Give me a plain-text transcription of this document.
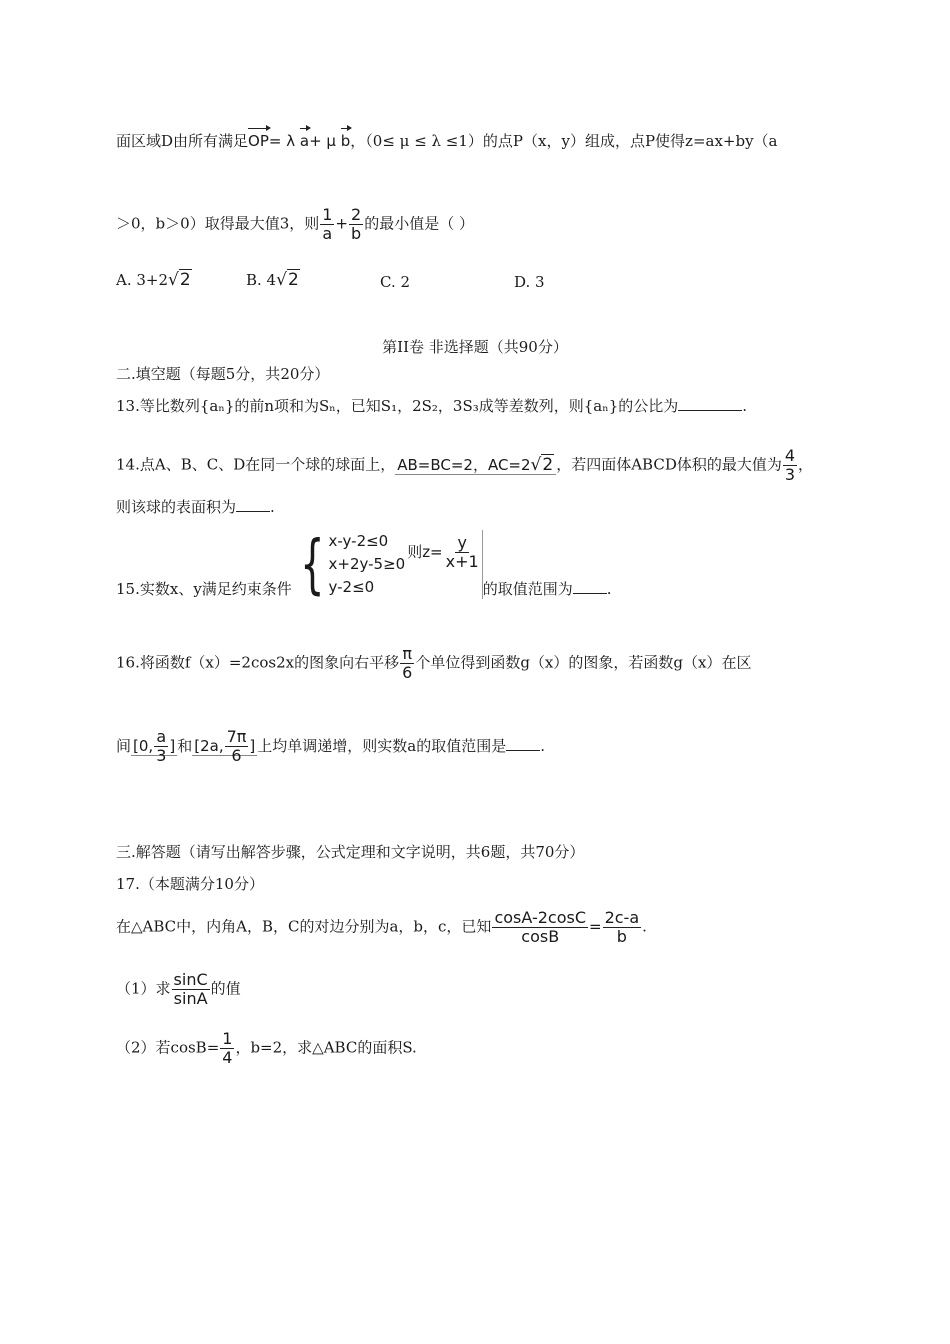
面区域D由所有满足OP= λ a+ μ b，（0≤ μ ≤ λ ≤1）的点P（x，y）组成，点P使得z=ax+by（a
＞0，b＞0）取得最大值3，则 $\frac{1}{a} + \frac{2}{b}$ 的最小值是（ ）
A. 3+2√2	B. 4√2	C. 2	D. 3
第II卷 非选择题（共90分）
二.填空题（每题5分，共20分）
13.等比数列{aₙ}的前n项和为Sₙ，已知S₁，2S₂，3S₃成等差数列，则{aₙ}的公比为	.
14.点A、B、C、D在同一个球的球面上， AB=BC=2，AC=2√2 ，若四面体ABCD体积的最大值为 $\frac{4}{3}$ ，
则该球的表面积为 .
15.实数x、y满足约束条件 { x-y-2≤0
x+2y-5≥0
y-2≤0
则$z= \frac{y}{x+1}$
的取值范围为 .
16.将函数f（x）=2cos2x的图象向右平移 $\frac{\pi}{6}$ 个单位得到函数g（x）的图象，若函数g（x）在区
间 [0, $\frac{a}{3}$ ] 和 [2a, $\frac{7\pi}{6}$ ] 上均单调递增，则实数a的取值范围是 .
三.解答题（请写出解答步骤，公式定理和文字说明，共6题，共70分）
17.（本题满分10分）
在△ABC中，内角A，B，C的对边分别为a，b，c，已知 $\frac{\cos A-2\cos C}{\cos B} = \frac{2c-a}{b}$ .
（1）求 $\frac{\sin C}{\sin A}$ 的值
（2）若$\cos B= \frac{1}{4}$ ，b=2，求△ABC的面积S.
